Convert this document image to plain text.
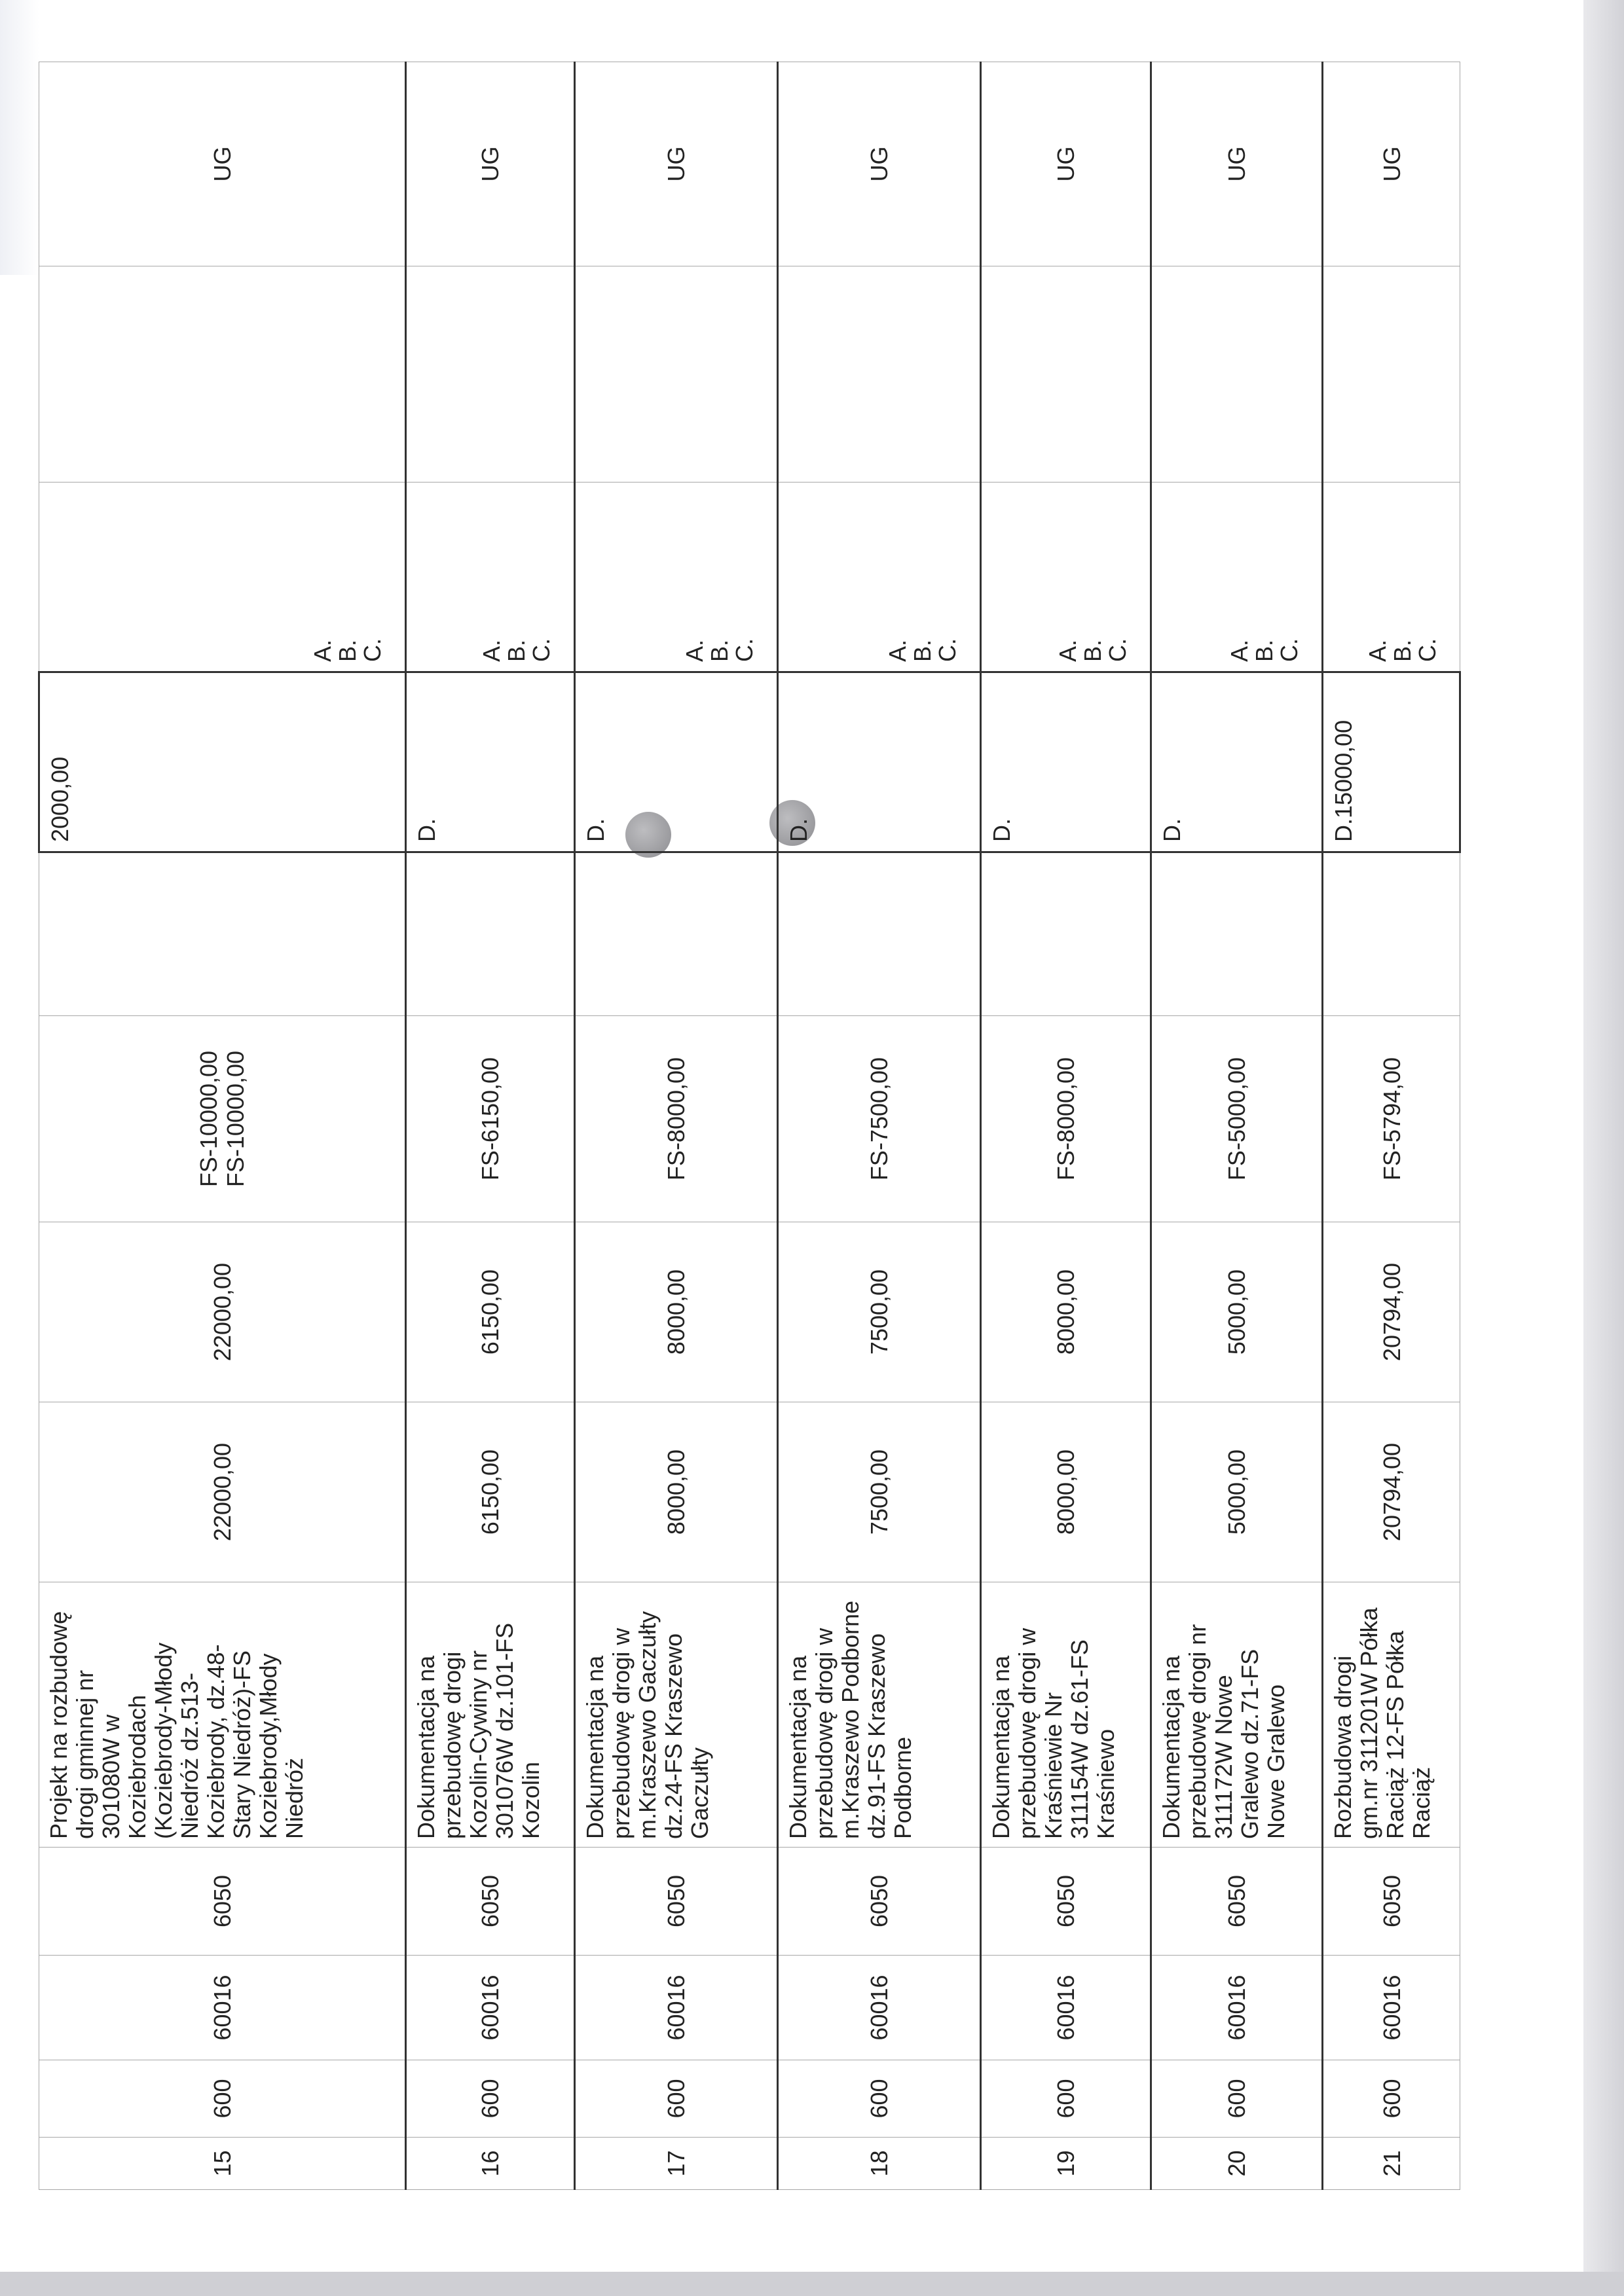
15	600	60016	6050	Projekt na rozbudowę drogi gminnej nr 301080W w Koziebrodach (Koziebrody-Młody Niedróż dz.513-Koziebrody, dz.48-Stary Niedróż)-FS Koziebrody,Młody Niedróż	22000,00	22000,00	FS-10000,00 FS-10000,00		2000,00	A.
B.
C.		UG
16	600	60016	6050	Dokumentacja na przebudowę drogi Kozolin-Cywiny nr 301076W dz.101-FS Kozolin	6150,00	6150,00	FS-6150,00		D.	A.
B.
C.		UG
17	600	60016	6050	Dokumentacja na przebudowę drogi w m.Kraszewo Gaczułty dz.24-FS Kraszewo Gaczułty	8000,00	8000,00	FS-8000,00		D.	A.
B.
C.		UG
18	600	60016	6050	Dokumentacja na przebudowę drogi w m.Kraszewo Podborne dz.91-FS Kraszewo Podborne	7500,00	7500,00	FS-7500,00		D.	A.
B.
C.		UG
19	600	60016	6050	Dokumentacja na przebudowę drogi w Kraśniewie Nr 311154W dz.61-FS Kraśniewo	8000,00	8000,00	FS-8000,00		D.	A.
B.
C.		UG
20	600	60016	6050	Dokumentacja na przebudowę drogi nr 311172W Nowe Gralewo dz.71-FS Nowe Gralewo	5000,00	5000,00	FS-5000,00		D.	A.
B.
C.		UG
21	600	60016	6050	Rozbudowa drogi gm.nr 311201W Półka Raciąż 12-FS Półka Raciąż	20794,00	20794,00	FS-5794,00		D.15000,00	A.
B.
C.		UG
